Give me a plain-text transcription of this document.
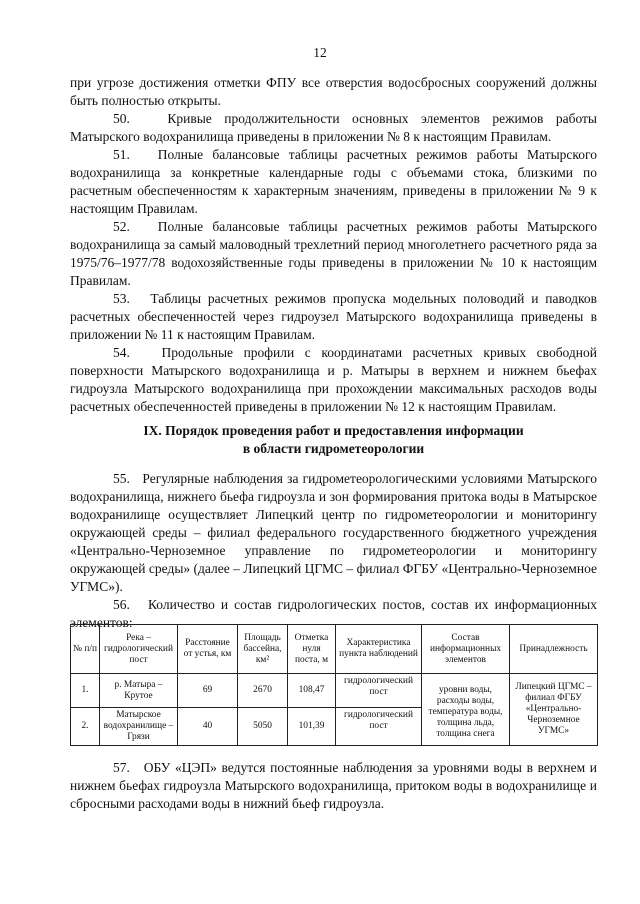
12

при угрозе достижения отметки ФПУ все отверстия водосбросных сооружений должны быть полностью открыты.

50.   Кривые продолжительности основных элементов режимов работы Матырского водохранилища приведены в приложении № 8 к настоящим Правилам.

51.   Полные балансовые таблицы расчетных режимов работы Матырского водохранилища за конкретные календарные годы с объемами стока, близкими по расчетным обеспеченностям к характерным значениям, приведены в приложении № 9 к настоящим Правилам.

52.   Полные балансовые таблицы расчетных режимов работы Матырского водохранилища за самый маловодный трехлетний период многолетнего расчетного ряда за 1975/76–1977/78 водохозяйственные годы приведены в приложении № 10 к настоящим Правилам.

53.   Таблицы расчетных режимов пропуска модельных половодий и паводков расчетных обеспеченностей через гидроузел Матырского водохранилища приведены в приложении № 11 к настоящим Правилам.

54.   Продольные профили с координатами расчетных кривых свободной поверхности Матырского водохранилища и р. Матыры в верхнем и нижнем бьефах гидроузла Матырского водохранилища при прохождении максимальных расходов воды расчетных обеспеченностей приведены в приложении № 12 к настоящим Правилам.

IX. Порядок проведения работ и предоставления информации
в области гидрометеорологии

55.   Регулярные наблюдения за гидрометеорологическими условиями Матырского водохранилища, нижнего бьефа гидроузла и зон формирования притока воды в Матырское водохранилище осуществляет Липецкий центр по гидрометеорологии и мониторингу окружающей среды – филиал федерального государственного бюджетного учреждения «Центрально-Черноземное управление по гидрометеорологии и мониторингу окружающей среды» (далее – Липецкий ЦГМС – филиал ФГБУ «Центрально-Черноземное УГМС»).

56.   Количество и состав гидрологических постов, состав их информационных элементов:

№ п/п	Река – гидрологический пост	Расстояние от устья, км	Площадь бассейна, км²	Отметка нуля поста, м	Характеристика пункта наблюдений	Состав информационных элементов	Принадлежность
1.	р. Матыра – Крутое	69	2670	108,47	гидрологический пост	уровни воды, расходы воды, температура воды, толщина льда, толщина снега	Липецкий ЦГМС – филиал ФГБУ «Центрально-Черноземное УГМС»
2.	Матырское водохранилище – Грязи	40	5050	101,39	гидрологический пост		

57.   ОБУ «ЦЭП» ведутся постоянные наблюдения за уровнями воды в верхнем и нижнем бьефах гидроузла Матырского водохранилища, притоком воды в водохранилище и сбросными расходами воды в нижний бьеф гидроузла.
